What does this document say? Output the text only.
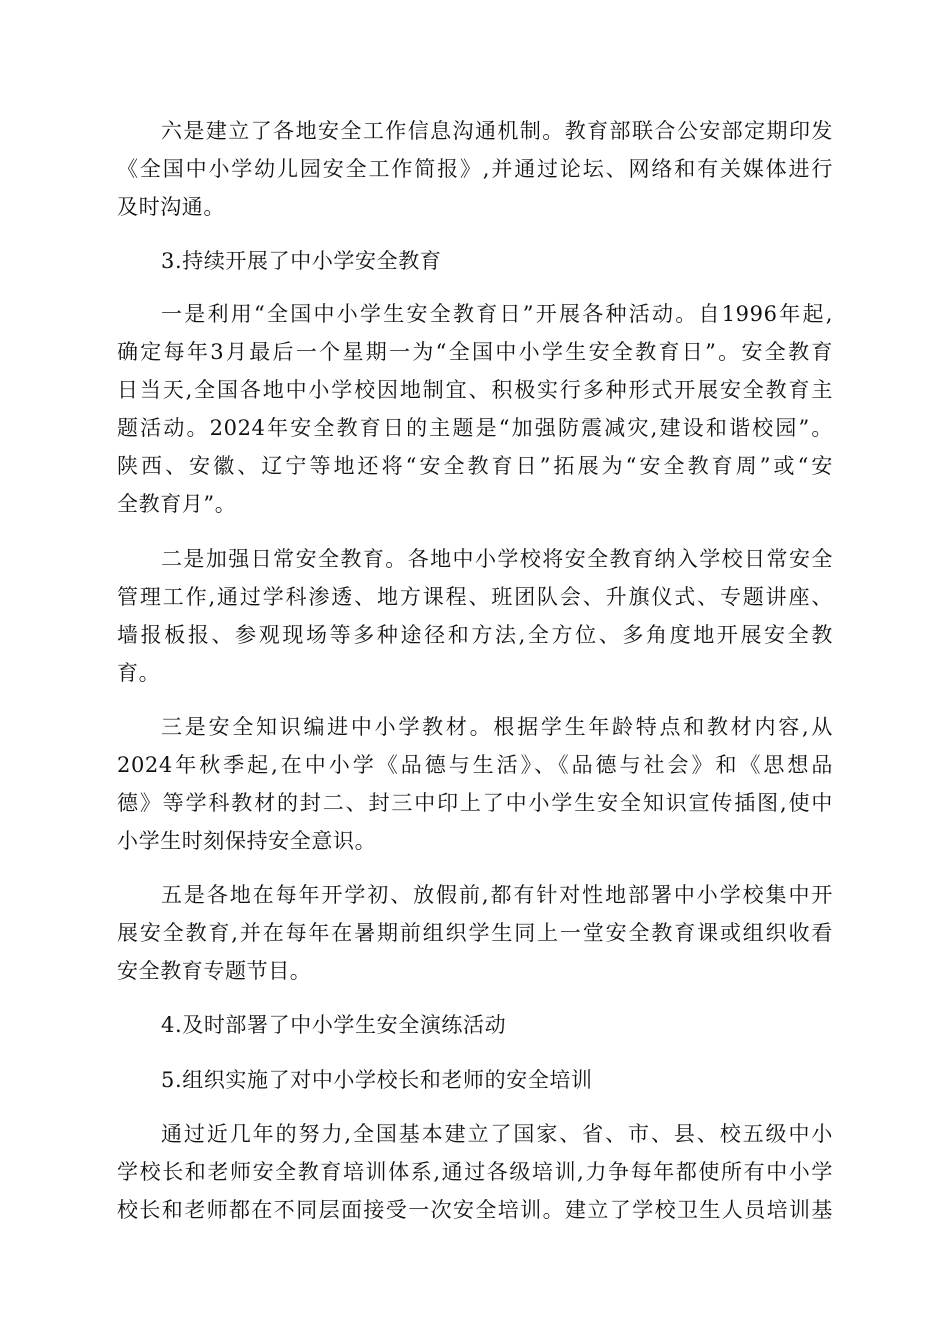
六是建立了各地安全工作信息沟通机制。教育部联合公安部定期印发
《全国中小学幼儿园安全工作简报》,并通过论坛、网络和有关媒体进行
及时沟通。
3.持续开展了中小学安全教育
一是利用“全国中小学生安全教育日”开展各种活动。自1996年起,
确定每年3月最后一个星期一为“全国中小学生安全教育日”。安全教育
日当天,全国各地中小学校因地制宜、积极实行多种形式开展安全教育主
题活动。2024年安全教育日的主题是“加强防震减灾,建设和谐校园”。
陕西、安徽、辽宁等地还将“安全教育日”拓展为“安全教育周”或“安
全教育月”。
二是加强日常安全教育。各地中小学校将安全教育纳入学校日常安全
管理工作,通过学科渗透、地方课程、班团队会、升旗仪式、专题讲座、
墙报板报、参观现场等多种途径和方法,全方位、多角度地开展安全教
育。
三是安全知识编进中小学教材。根据学生年龄特点和教材内容,从
2024年秋季起,在中小学《品德与生活》、《品德与社会》和《思想品
德》等学科教材的封二、封三中印上了中小学生安全知识宣传插图,使中
小学生时刻保持安全意识。
五是各地在每年开学初、放假前,都有针对性地部署中小学校集中开
展安全教育,并在每年在暑期前组织学生同上一堂安全教育课或组织收看
安全教育专题节目。
4.及时部署了中小学生安全演练活动
5.组织实施了对中小学校长和老师的安全培训
通过近几年的努力,全国基本建立了国家、省、市、县、校五级中小
学校长和老师安全教育培训体系,通过各级培训,力争每年都使所有中小学
校长和老师都在不同层面接受一次安全培训。建立了学校卫生人员培训基
